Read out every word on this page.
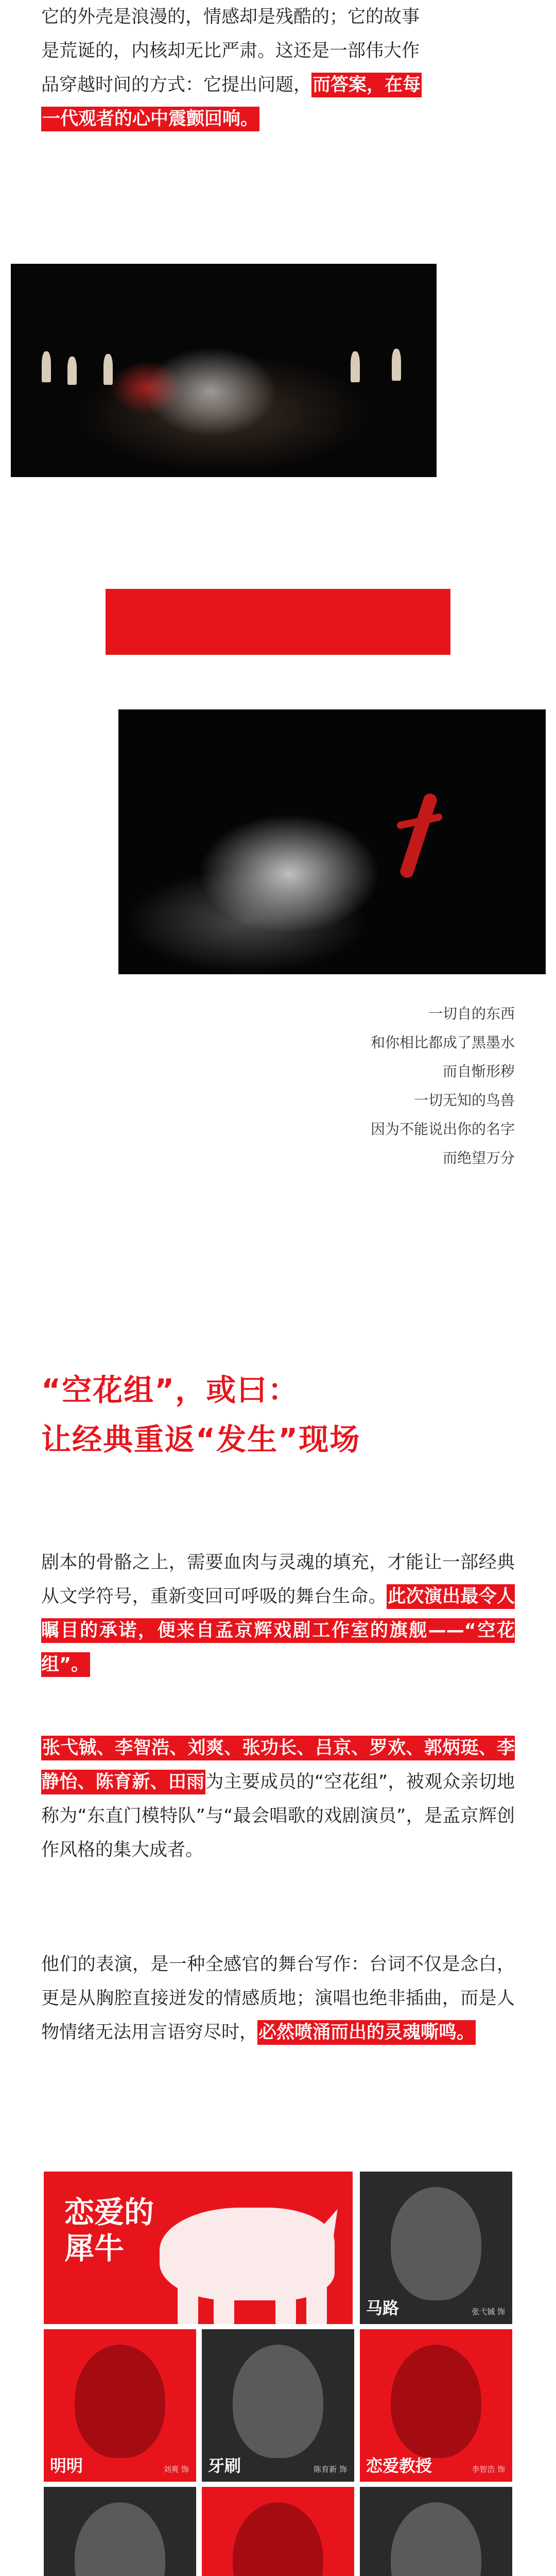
它的外壳是浪漫的，情感却是残酷的；它的故事
是荒诞的，内核却无比严肃。这还是一部伟大作
品穿越时间的方式：它提出问题，而答案，在每
一代观者的心中震颤回响。

一切自的东西
和你相比都成了黑墨水
而自惭形秽
一切无知的鸟兽
因为不能说出你的名字
而绝望万分
“空花组”，或曰：
让经典重返“发生”现场

剧本的骨骼之上，需要血肉与灵魂的填充，才能让一部经典从文学符号，重新变回可呼吸的舞台生命。此次演出最令人瞩目的承诺，便来自孟京辉戏剧工作室的旗舰——“空花组”。

张弋铖、李智浩、刘爽、张功长、吕京、罗欢、郭炳珽、李静怡、陈育新、田雨为主要成员的“空花组”，被观众亲切地称为“东直门模特队”与“最会唱歌的戏剧演员”，是孟京辉创作风格的集大成者。

他们的表演，是一种全感官的舞台写作：台词不仅是念白，更是从胸腔直接迸发的情感质地；演唱也绝非插曲，而是人物情绪无法用言语穷尽时，必然喷涌而出的灵魂嘶鸣。

恋爱的
犀牛
马路	张弋铖 饰
明明	刘爽 饰 牙刷	陈育新 饰 恋爱教授	李智浩 饰
